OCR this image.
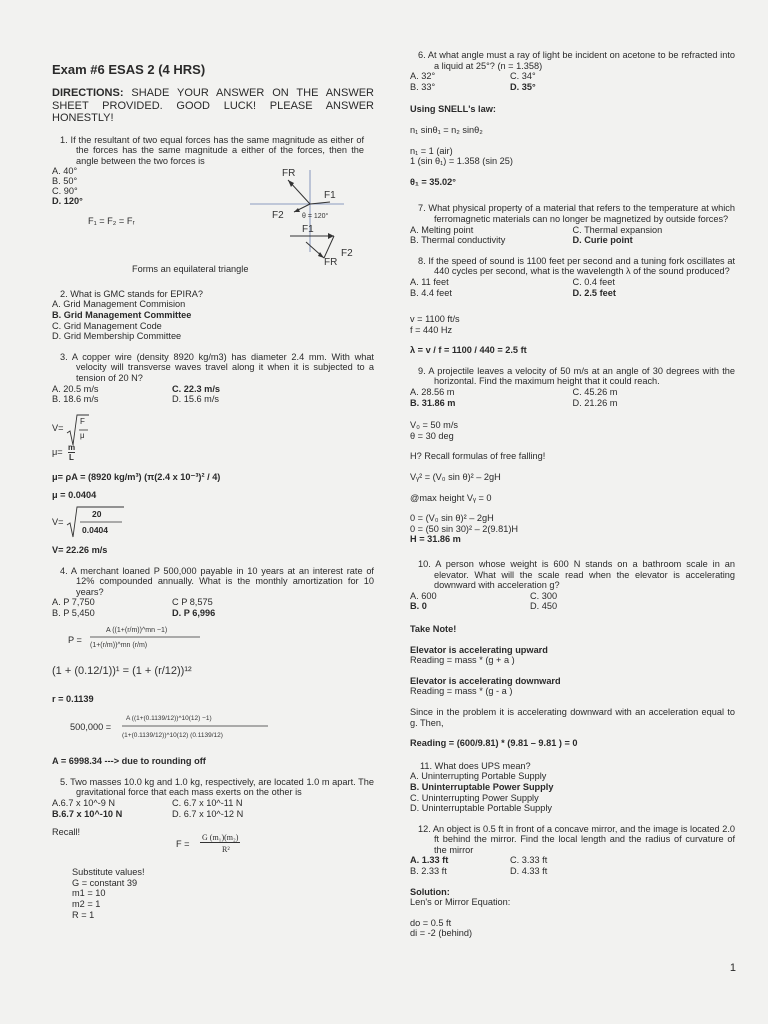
Exam #6 ESAS 2 (4 HRS)
DIRECTIONS: SHADE YOUR ANSWER ON THE ANSWER SHEET PROVIDED. GOOD LUCK! PLEASE ANSWER HONESTLY!
1. If the resultant of two equal forces has the same magnitude as either of the forces has the same magnitude a either of the forces, then the angle between the two forces is
A. 40°
B. 50°
C. 90°
D. 120°
F₁ = F₂ = Fᵣ
FR
F1
F2	θ = 120°
F1
FR
F2
Forms an equilateral triangle
2. What is GMC stands for EPIRA?
A. Grid Management Commision
B. Grid Management Committee
C. Grid Management Code
D. Grid Membership Committee
3. A copper wire (density 8920 kg/m3) has diameter 2.4 mm. With what velocity will transverse waves travel along it when it is subjected to a tension of 20 N?
A. 20.5 m/s	C. 22.3 m/s
B. 18.6 m/s	D. 15.6 m/s
V=
F
μ
μ= m
L
μ= ρA = (8920 kg/m³) (π(2.4 x 10⁻³)² / 4)
μ = 0.0404
V=
20
0.0404
V= 22.26 m/s
4. A merchant loaned P 500,000 payable in 10 years at an interest rate of 12% compounded annually. What is the monthly amortization for 10 years?
A. P 7,750	C P 8,575
B. P 5,450	D. P 6,996
P =
A ((1+(r/m))^mn −1)
(1+(r/m))^mn (r/m)
(1 + (0.12/1))¹ = (1 + (r/12))¹²
r = 0.1139
500,000 =
A ((1+(0.1139/12))^10(12) −1)
(1+(0.1139/12))^10(12) (0.1139/12)
A = 6998.34 ---> due to rounding off
5. Two masses 10.0 kg and 1.0 kg, respectively, are located 1.0 m apart. The gravitational force that each mass exerts on the other is
A.6.7 x 10^-9 N	C. 6.7 x 10^-11 N
B.6.7 x 10^-10 N	D. 6.7 x 10^-12 N
Recall!
F =
G (m₁)(m₂)
R²
Substitute values!
G = constant 39
m1 = 10
m2 = 1
R = 1
6. At what angle must a ray of light be incident on acetone to be refracted into a liquid at 25°? (n = 1.358)
A. 32°	C. 34°
B. 33°	D. 35°
Using SNELL's law:
n₁ sinθ₁ = n₂ sinθ₂
n₁ = 1 (air)
1 (sin θ₁) = 1.358 (sin 25)
θ₁ = 35.02°
7. What physical property of a material that refers to the temperature at which ferromagnetic materials can no longer be magnetized by outside forces?
A. Melting point	C. Thermal expansion
B. Thermal conductivity	D. Curie point
8. If the speed of sound is 1100 feet per second and a tuning fork oscillates at 440 cycles per second, what is the wavelength λ of the sound produced?
A. 11 feet	C. 0.4 feet
B. 4.4 feet	D. 2.5 feet
v = 1100 ft/s
f = 440 Hz
λ = v / f = 1100 / 440 = 2.5 ft
9. A projectile leaves a velocity of 50 m/s at an angle of 30 degrees with the horizontal. Find the maximum height that it could reach.
A. 28.56 m	C. 45.26 m
B. 31.86 m	D. 21.26 m
V₀ = 50 m/s
θ = 30 deg
H? Recall formulas of free falling!
Vᵧ² = (V₀ sin θ)² – 2gH
@max height Vᵧ = 0
0 = (V₀ sin θ)² – 2gH
0 = (50 sin 30)² – 2(9.81)H
H = 31.86 m
10. A person whose weight is 600 N stands on a bathroom scale in an elevator. What will the scale read when the elevator is accelerating downward with acceleration g?
A. 600	C. 300
B. 0	D. 450
Take Note!
Elevator is accelerating upward
Reading = mass * (g + a )
Elevator is accelerating downward
Reading = mass * (g - a )
Since in the problem it is accelerating downward with an acceleration equal to g. Then,
Reading = (600/9.81) * (9.81 – 9.81 ) = 0
11. What does UPS mean?
A. Uninterrupting Portable Supply
B. Uninterruptable Power Supply
C. Uninterrupting Power Supply
D. Uninterruptable Portable Supply
12. An object is 0.5 ft in front of a concave mirror, and the image is located 2.0 ft behind the mirror. Find the local length and the radius of curvature of the mirror
A. 1.33 ft	C. 3.33 ft
B. 2.33 ft	D. 4.33 ft
Solution:
Len's or Mirror Equation:
do = 0.5 ft
di = -2 (behind)
1
